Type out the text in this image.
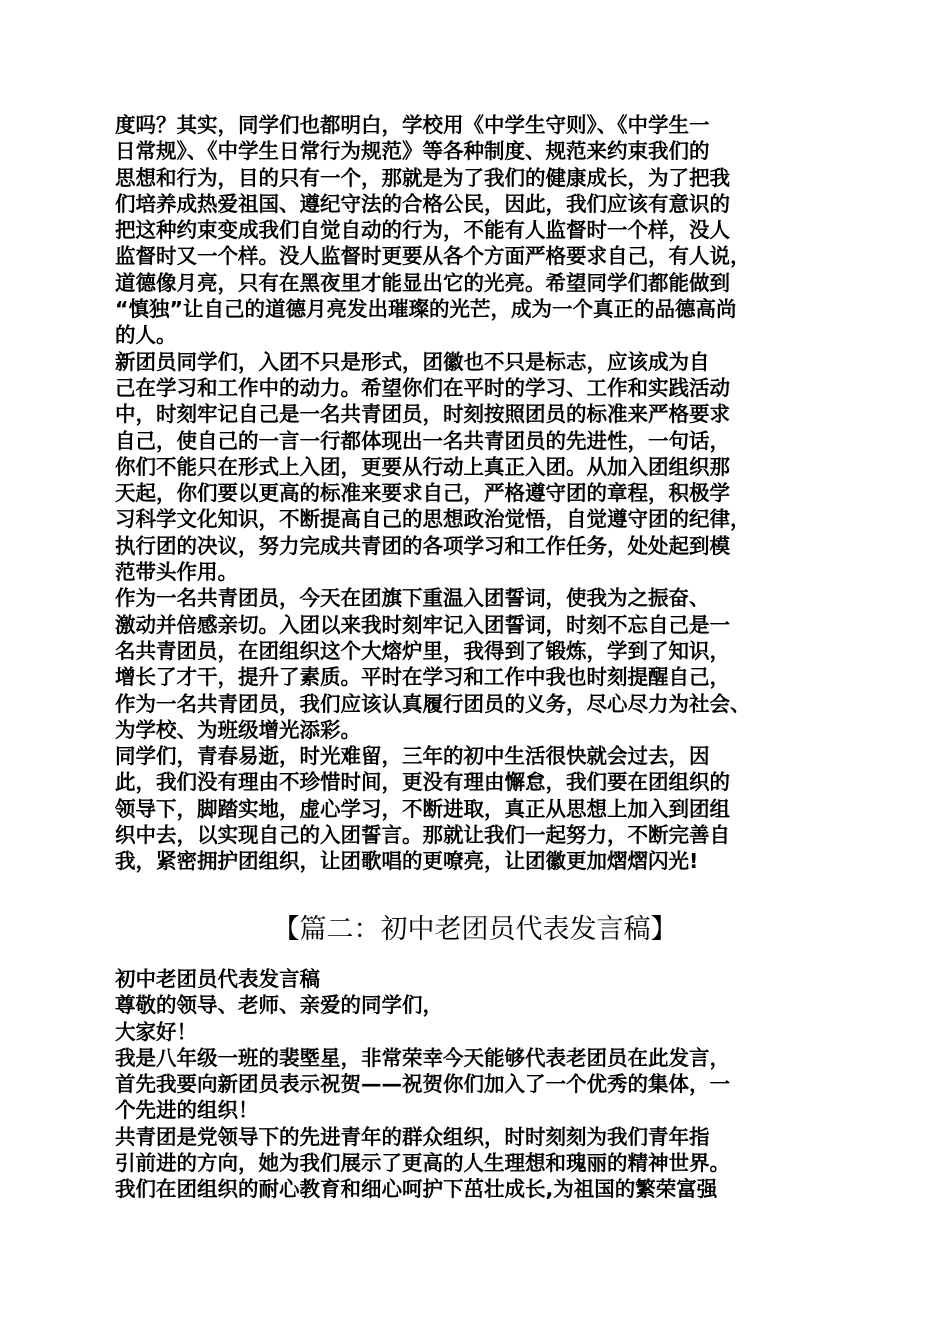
度吗？其实，同学们也都明白，学校用《中学生守则》、《中学生一
日常规》、《中学生日常行为规范》等各种制度、规范来约束我们的
思想和行为，目的只有一个，那就是为了我们的健康成长，为了把我
们培养成热爱祖国、遵纪守法的合格公民，因此，我们应该有意识的
把这种约束变成我们自觉自动的行为，不能有人监督时一个样，没人
监督时又一个样。没人监督时更要从各个方面严格要求自己，有人说，
道德像月亮，只有在黑夜里才能显出它的光亮。希望同学们都能做到
“慎独”让自己的道德月亮发出璀璨的光芒，成为一个真正的品德高尚
的人。
新团员同学们，入团不只是形式，团徽也不只是标志，应该成为自
己在学习和工作中的动力。希望你们在平时的学习、工作和实践活动
中，时刻牢记自己是一名共青团员，时刻按照团员的标准来严格要求
自己，使自己的一言一行都体现出一名共青团员的先进性，一句话，
你们不能只在形式上入团，更要从行动上真正入团。从加入团组织那
天起，你们要以更高的标准来要求自己，严格遵守团的章程，积极学
习科学文化知识，不断提高自己的思想政治觉悟，自觉遵守团的纪律，
执行团的决议，努力完成共青团的各项学习和工作任务，处处起到模
范带头作用。
作为一名共青团员，今天在团旗下重温入团誓词，使我为之振奋、
激动并倍感亲切。入团以来我时刻牢记入团誓词，时刻不忘自己是一
名共青团员，在团组织这个大熔炉里，我得到了锻炼，学到了知识，
增长了才干，提升了素质。平时在学习和工作中我也时刻提醒自己，
作为一名共青团员，我们应该认真履行团员的义务，尽心尽力为社会、
为学校、为班级增光添彩。
同学们，青春易逝，时光难留，三年的初中生活很快就会过去，因
此，我们没有理由不珍惜时间，更没有理由懈怠，我们要在团组织的
领导下，脚踏实地，虚心学习，不断进取，真正从思想上加入到团组
织中去，以实现自己的入团誓言。那就让我们一起努力，不断完善自
我，紧密拥护团组织，让团歌唱的更嘹亮，让团徽更加熠熠闪光!
【篇二：初中老团员代表发言稿】
初中老团员代表发言稿
尊敬的领导、老师、亲爱的同学们，
大家好！
我是八年级一班的裴塈星，非常荣幸今天能够代表老团员在此发言，
首先我要向新团员表示祝贺——祝贺你们加入了一个优秀的集体，一
个先进的组织！
共青团是党领导下的先进青年的群众组织，时时刻刻为我们青年指
引前进的方向，她为我们展示了更高的人生理想和瑰丽的精神世界。
我们在团组织的耐心教育和细心呵护下茁壮成长,为祖国的繁荣富强
